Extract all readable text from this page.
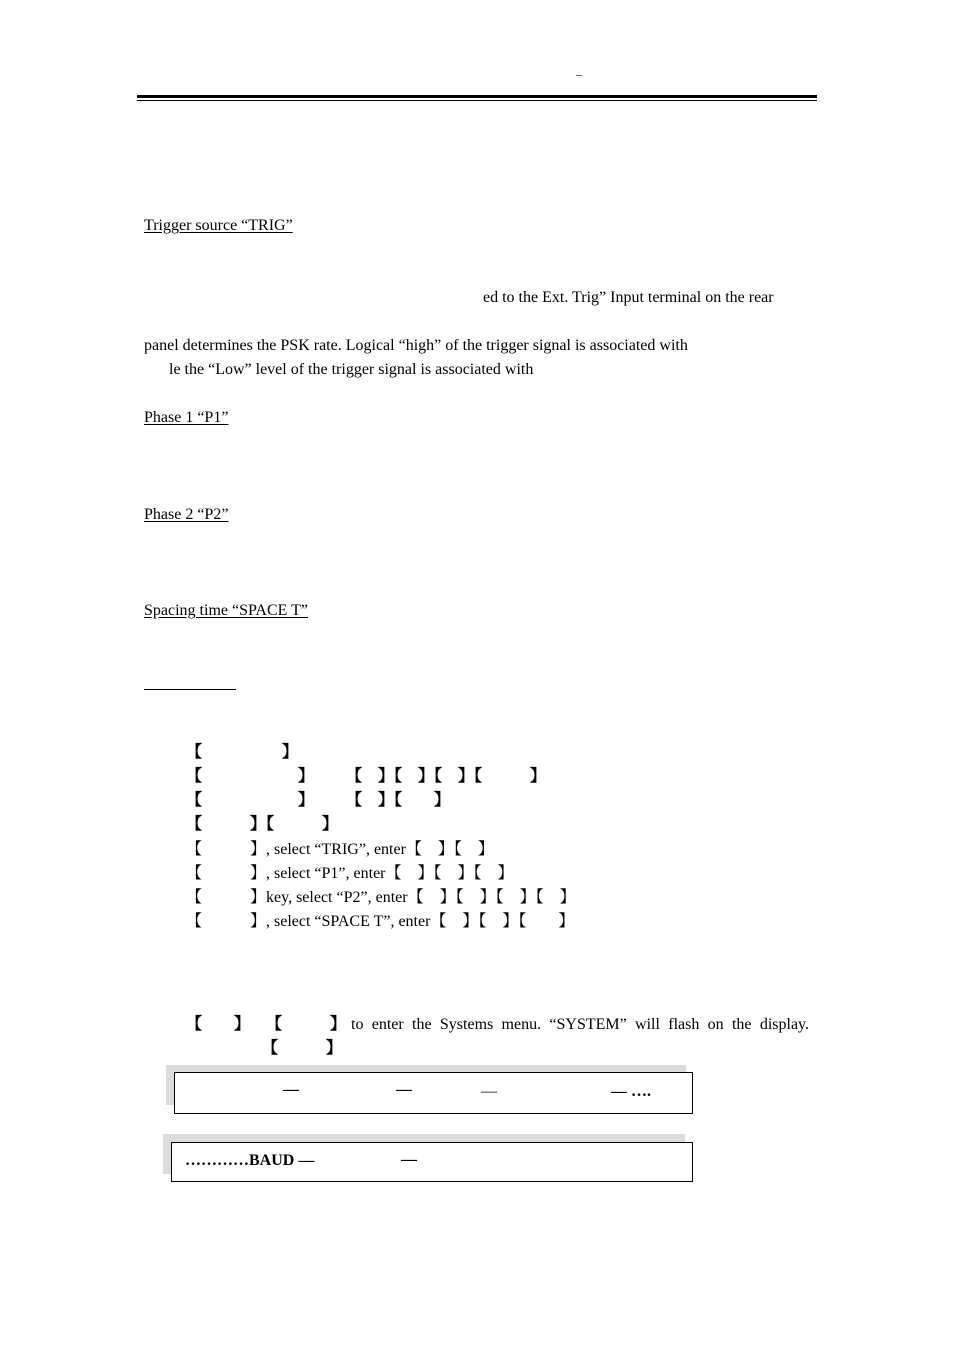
–
Trigger source “TRIG”
ed to the Ext. Trig” Input terminal on the rear
panel determines the PSK rate. Logical “high” of the trigger signal is associated with
le the “Low” level of the trigger signal is associated with
Phase 1 “P1”
Phase 2 “P2”
Spacing time “SPACE T”
【　　　　　】
【　　　　　　】　　　【　】【　】【　】【　　　】
【　　　　　　】　　　【　】【　　】
【　　　】【　　　】
【　　　】, select “TRIG”, enter【　】【　】
【　　　】, select “P1”, enter【　】【　】【　】
【　　　】key, select “P2”, enter【　】【　】【　】【　】
【　　　】, select “SPACE T”, enter【　】【　】【　　】
【　　】　　【　　　】 to enter the Systems menu. “SYSTEM” will flash on the display.
【　　　】
—	—	—	— ….
…………BAUD —	—
